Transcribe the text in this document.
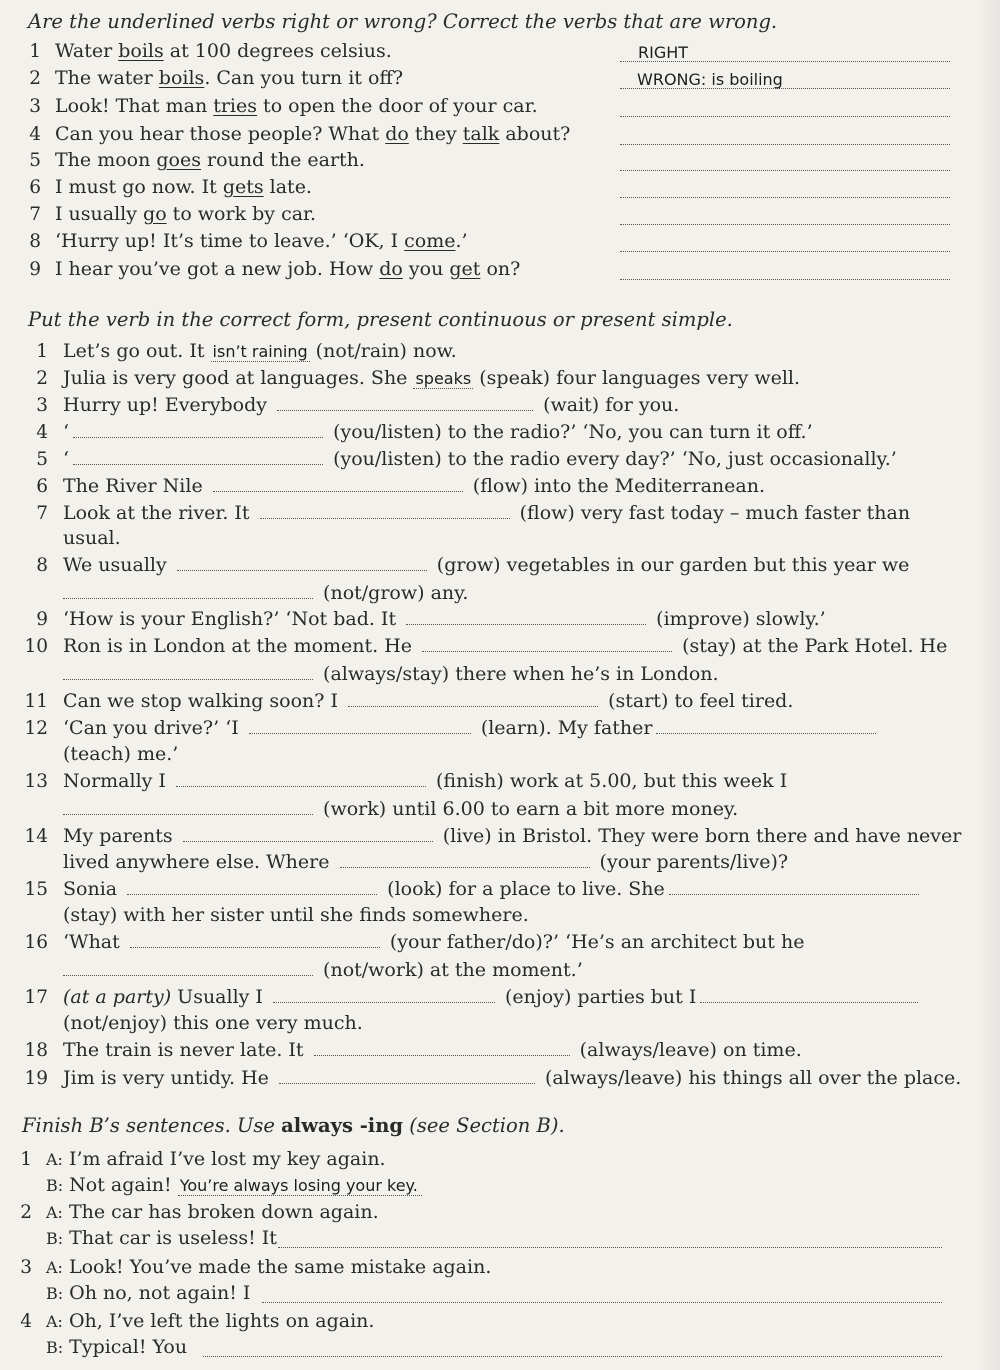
Are the underlined verbs right or wrong? Correct the verbs that are wrong.
1 Water boils at 100 degrees celsius.	RIGHT
2 The water boils. Can you turn it off?	WRONG: is boiling
3 Look! That man tries to open the door of your car.
4 Can you hear those people? What do they talk about?
5 The moon goes round the earth.
6 I must go now. It gets late.
7 I usually go to work by car.
8 ‘Hurry up! It’s time to leave.’ ‘OK, I come.’
9 I hear you’ve got a new job. How do you get on?
Put the verb in the correct form, present continuous or present simple.
1 Let’s go out. It isn’t raining (not/rain) now.
2 Julia is very good at languages. She speaks (speak) four languages very well.
3 Hurry up! Everybody	(wait) for you.
4 ‘	(you/listen) to the radio?’ ‘No, you can turn it off.’
5 ‘	(you/listen) to the radio every day?’ ‘No, just occasionally.’
6 The River Nile	(flow) into the Mediterranean.
7 Look at the river. It	(flow) very fast today – much faster than
usual.
8 We usually	(grow) vegetables in our garden but this year we
(not/grow) any.
9 ‘How is your English?’ ‘Not bad. It	(improve) slowly.’
10 Ron is in London at the moment. He	(stay) at the Park Hotel. He
(always/stay) there when he’s in London.
11 Can we stop walking soon? I	(start) to feel tired.
12 ‘Can you drive?’ ‘I	(learn). My father
(teach) me.’
13 Normally I	(finish) work at 5.00, but this week I
(work) until 6.00 to earn a bit more money.
14 My parents	(live) in Bristol. They were born there and have never
lived anywhere else. Where	(your parents/live)?
15 Sonia	(look) for a place to live. She
(stay) with her sister until she finds somewhere.
16 ‘What	(your father/do)?’ ‘He’s an architect but he
(not/work) at the moment.’
17 (at a party) Usually I	(enjoy) parties but I
(not/enjoy) this one very much.
18 The train is never late. It	(always/leave) on time.
19 Jim is very untidy. He	(always/leave) his things all over the place.
Finish B’s sentences. Use always -ing (see Section B).
1 A: I’m afraid I’ve lost my key again.
B: Not again! You’re always losing your key.
2 A: The car has broken down again.
B: That car is useless! It
3 A: Look! You’ve made the same mistake again.
B: Oh no, not again! I
4 A: Oh, I’ve left the lights on again.
B: Typical! You
